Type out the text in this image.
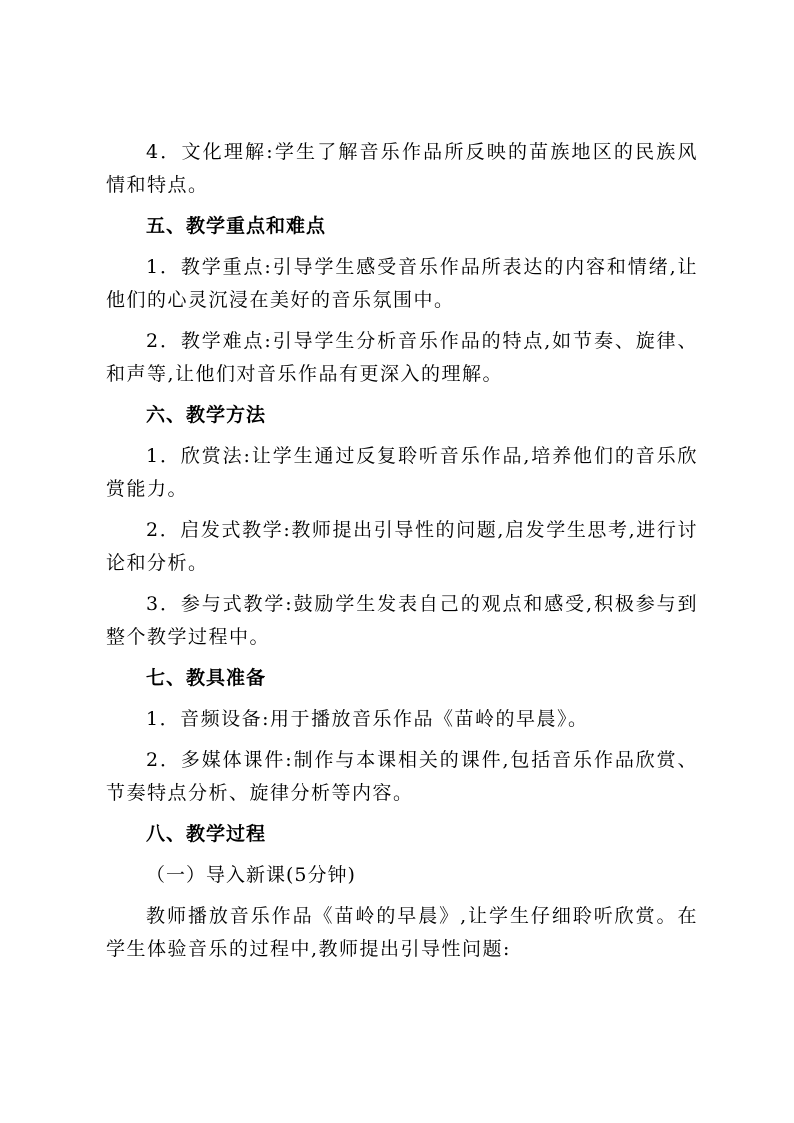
4．文化理解:学生了解音乐作品所反映的苗族地区的民族风情和特点。

五、教学重点和难点

1．教学重点:引导学生感受音乐作品所表达的内容和情绪,让他们的心灵沉浸在美好的音乐氛围中。

2．教学难点:引导学生分析音乐作品的特点,如节奏、旋律、和声等,让他们对音乐作品有更深入的理解。

六、教学方法

1．欣赏法:让学生通过反复聆听音乐作品,培养他们的音乐欣赏能力。

2．启发式教学:教师提出引导性的问题,启发学生思考,进行讨论和分析。

3．参与式教学:鼓励学生发表自己的观点和感受,积极参与到整个教学过程中。

七、教具准备

1．音频设备:用于播放音乐作品《苗岭的早晨》。

2．多媒体课件:制作与本课相关的课件,包括音乐作品欣赏、节奏特点分析、旋律分析等内容。

八、教学过程

（一）导入新课(5分钟)

教师播放音乐作品《苗岭的早晨》,让学生仔细聆听欣赏。在学生体验音乐的过程中,教师提出引导性问题:
